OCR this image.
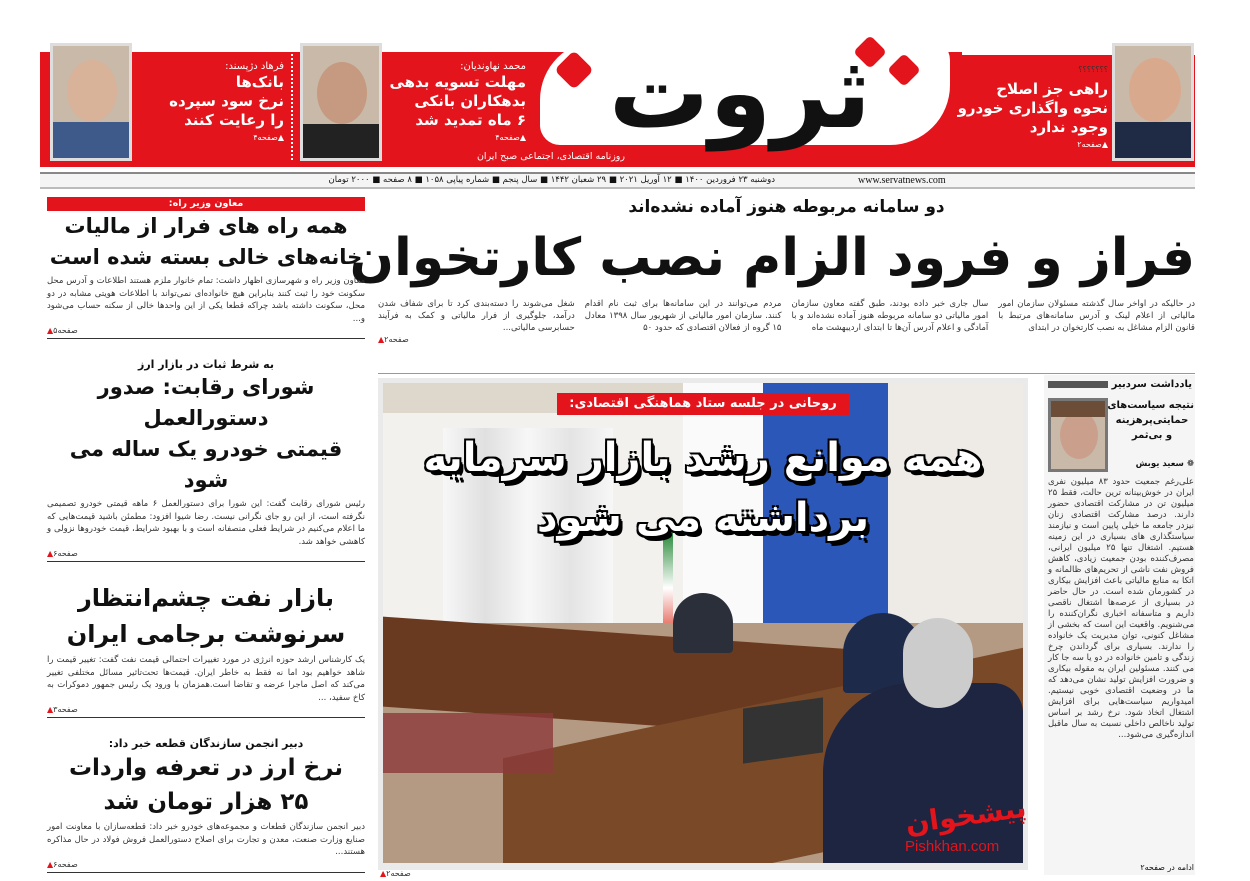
فرهاد دژپسند:
بانک‌ها
نرخ سود سپرده
را رعایت کنند
▲صفحه۴
محمد نهاوندیان:
مهلت تسویه بدهی
بدهکاران بانکی
۶ ماه تمدید شد
▲صفحه۴ ثروت
روزنامه اقتصادی، اجتماعی صبح ایران
؟؟؟؟؟؟؟
راهی جز اصلاح
نحوه واگذاری خودرو
وجود ندارد
▲صفحه۲
دوشنبه ۲۳ فروردین ۱۴۰۰ ■ ۱۲ آوریل ۲۰۲۱ ■ ۲۹ شعبان ۱۴۴۲ ■ سال پنجم ■ شماره پیاپی ۱۰۵۸ ■ ۸ صفحه ■ ۲۰۰۰ تومان	www.servatnews.com
دو سامانه مربوطه هنوز آماده نشده‌اند
فراز و فرود الزام نصب کارتخوان
در حالیکه در اواخر سال گذشته مسئولان سازمان امور مالیاتی از اعلام لینک و آدرس سامانه‌های مرتبط با قانون الزام مشاغل به نصب کارتخوان در ابتدای
سال جاری خبر داده بودند، طبق گفته معاون سازمان امور مالیاتی دو سامانه مربوطه هنوز آماده نشده‌اند و با آمادگی و اعلام آدرس آن‌ها تا ابتدای اردیبهشت ماه
مردم می‌توانند در این سامانه‌ها برای ثبت نام اقدام کنند. سازمان امور مالیاتی از شهریور سال ۱۳۹۸ معادل ۱۵ گروه از فعالان اقتصادی که حدود ۵۰
شغل می‌شوند را دسته‌بندی کرد تا برای شفاف شدن درآمد، جلوگیری از فرار مالیاتی و کمک به فرآیند حسابرسی مالیاتی...
▲صفحه۲
روحانی در جلسه ستاد هماهنگی اقتصادی:
همه موانع رشد بازار سرمایه
برداشته می شود
▲صفحه۲
معاون وزیر راه:
همه راه های فرار از مالیات
خانه‌های خالی بسته شده است
معاون وزیر راه و شهرسازی اظهار داشت: تمام خانوار ملزم هستند اطلاعات و آدرس محل سکونت خود را ثبت کنند بنابراین هیچ خانواده‌ای نمی‌تواند با اطلاعات هویتی مشابه در دو محل، سکونت داشته باشد چراکه قطعا یکی از این واحدها خالی از سکنه حساب می‌شود و...
▲صفحه۵
به شرط ثبات در بازار ارز
شورای رقابت: صدور دستورالعمل
قیمتی خودرو یک ساله می شود
رئیس شورای رقابت گفت: این شورا برای دستورالعمل ۶ ماهه قیمتی خودرو تصمیمی نگرفته است، از این رو جای نگرانی نیست. رضا شیوا افزود: مطمئن باشید قیمت‌هایی که ما اعلام می‌کنیم در شرایط فعلی منصفانه است و با بهبود شرایط، قیمت خودروها نزولی و کاهشی خواهد شد.
▲صفحه۶
بازار نفت چشم‌انتظار
سرنوشت برجامی ایران
یک کارشناس ارشد حوزه انرژی در مورد تغییرات احتمالی قیمت نفت گفت: تغییر قیمت را شاهد خواهیم بود اما نه فقط به خاطر ایران. قیمت‌ها تحت‌تاثیر مسائل مختلفی تغییر می‌کند که اصل ماجرا عرضه و تقاضا است.همزمان با ورود یک رئیس جمهور دموکرات به کاخ سفید، ...
▲صفحه۳
دبیر انجمن سازندگان قطعه خبر داد:
نرخ ارز در تعرفه واردات
۲۵ هزار تومان شد
دبیر انجمن سازندگان قطعات و مجموعه‌های خودرو خبر داد: قطعه‌سازان با معاونت امور صنایع وزارت صنعت، معدن و تجارت برای اصلاح دستورالعمل فروش فولاد در حال مذاکره هستند...
▲صفحه۶
یادداشت سردبیر
نتیجه سیاست‌های
حمایتی‌پرهزینه
و بی‌ثمر
❁ سعید یوبش
علی‌رغم جمعیت حدود ۸۳ میلیون نفری ایران در خوش‌بینانه ترین حالت، فقط ۲۵ میلیون تن در مشارکت اقتصادی حضور دارند. درصد مشارکت اقتصادی زنان نیزدر جامعه ما خیلی پایین است و نیازمند سیاستگذاری های بسیاری در این زمینه هستیم. اشتغال تنها ۲۵ میلیون ایرانی، مصرف‌کننده بودن جمعیت زیادی، کاهش فروش نفت ناشی از تحریم‌های ظالمانه و اتکا به منابع مالیاتی باعث افزایش بیکاری در کشورمان شده است. در حال حاضر در بسیاری از عرصه‌ها اشتغال ناقصی داریم و متاسفانه اخباری نگران‌کننده را می‌شنویم. واقعیت این است که بخشی از مشاغل کنونی، توان مدیریت یک خانواده را ندارند. بسیاری برای گرداندن چرخ زندگی و تامین خانواده در دو یا سه جا کار می کنند. مسئولین ایران به مقوله بیکاری و ضرورت افزایش تولید نشان می‌دهد که ما در وضعیت اقتصادی خوبی نیستیم. امیدواریم سیاست‌هایی برای افزایش اشتغال اتخاذ شود. نرخ رشد بر اساس تولید ناخالص داخلی نسبت به سال ماقبل اندازه‌گیری می‌شود...
ادامه در صفحه۲
پیشخوان
Pishkhan.com
